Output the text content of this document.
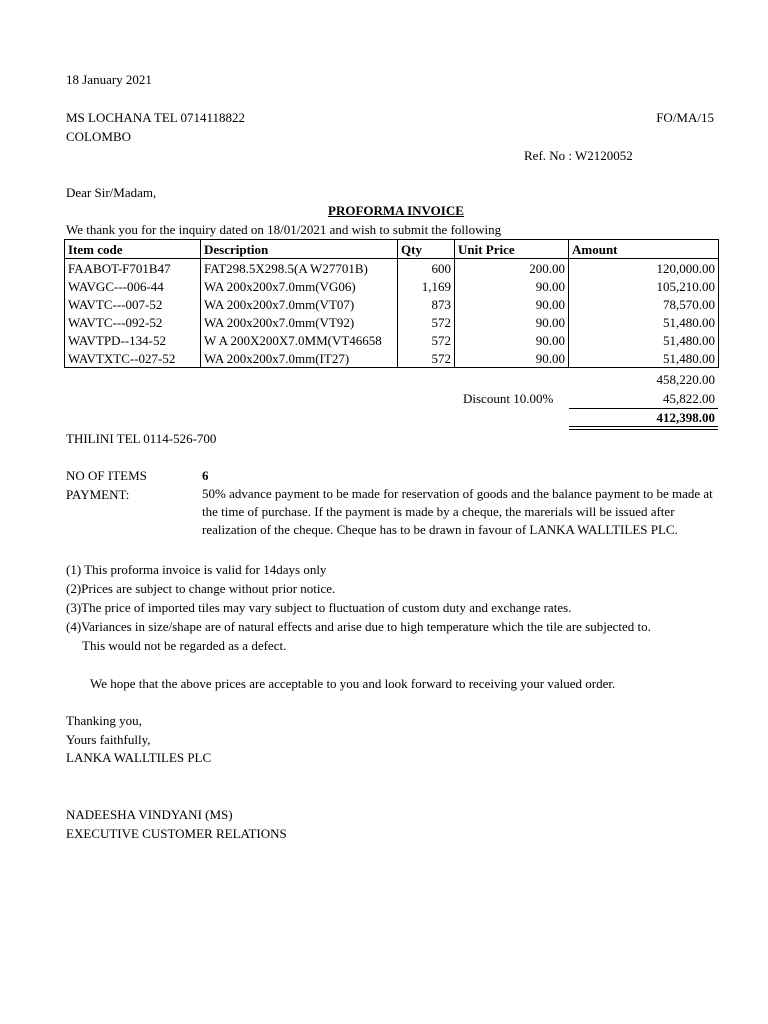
18 January 2021
MS LOCHANA TEL 0714118822
COLOMBO
FO/MA/15
Ref. No : W2120052
Dear Sir/Madam,
PROFORMA INVOICE
We thank you for the inquiry dated on 18/01/2021 and wish to submit the following
Item code	Description	Qty	Unit Price	Amount
FAABOT-F701B47	FAT298.5X298.5(A W27701B)	600	200.00	120,000.00
WAVGC---006-44	WA 200x200x7.0mm(VG06)	1,169	90.00	105,210.00
WAVTC---007-52	WA 200x200x7.0mm(VT07)	873	90.00	78,570.00
WAVTC---092-52	WA 200x200x7.0mm(VT92)	572	90.00	51,480.00
WAVTPD--134-52	W A 200X200X7.0MM(VT46658	572	90.00	51,480.00
WAVTXTC--027-52	WA 200x200x7.0mm(IT27)	572	90.00	51,480.00
458,220.00
Discount 10.00%	45,822.00
412,398.00
THILINI TEL 0114-526-700
NO OF ITEMS	6
PAYMENT:	50% advance payment to be made for reservation of goods and the balance payment to be made at the time of purchase. If the payment is made by a cheque, the marerials will be issued after realization of the cheque. Cheque has to be drawn in favour of LANKA WALLTILES PLC.
(1) This proforma invoice is valid for 14days only
(2)Prices are subject to change without prior notice.
(3)The price of imported tiles may vary subject to fluctuation of custom duty and exchange rates.
(4)Variances in size/shape are of natural effects and arise due to high temperature which the tile are subjected to.
This would not be regarded as a defect.
We hope that the above prices are acceptable to you and look forward to receiving your valued order.
Thanking you,
Yours faithfully,
LANKA WALLTILES PLC
NADEESHA VINDYANI (MS)
EXECUTIVE CUSTOMER RELATIONS
